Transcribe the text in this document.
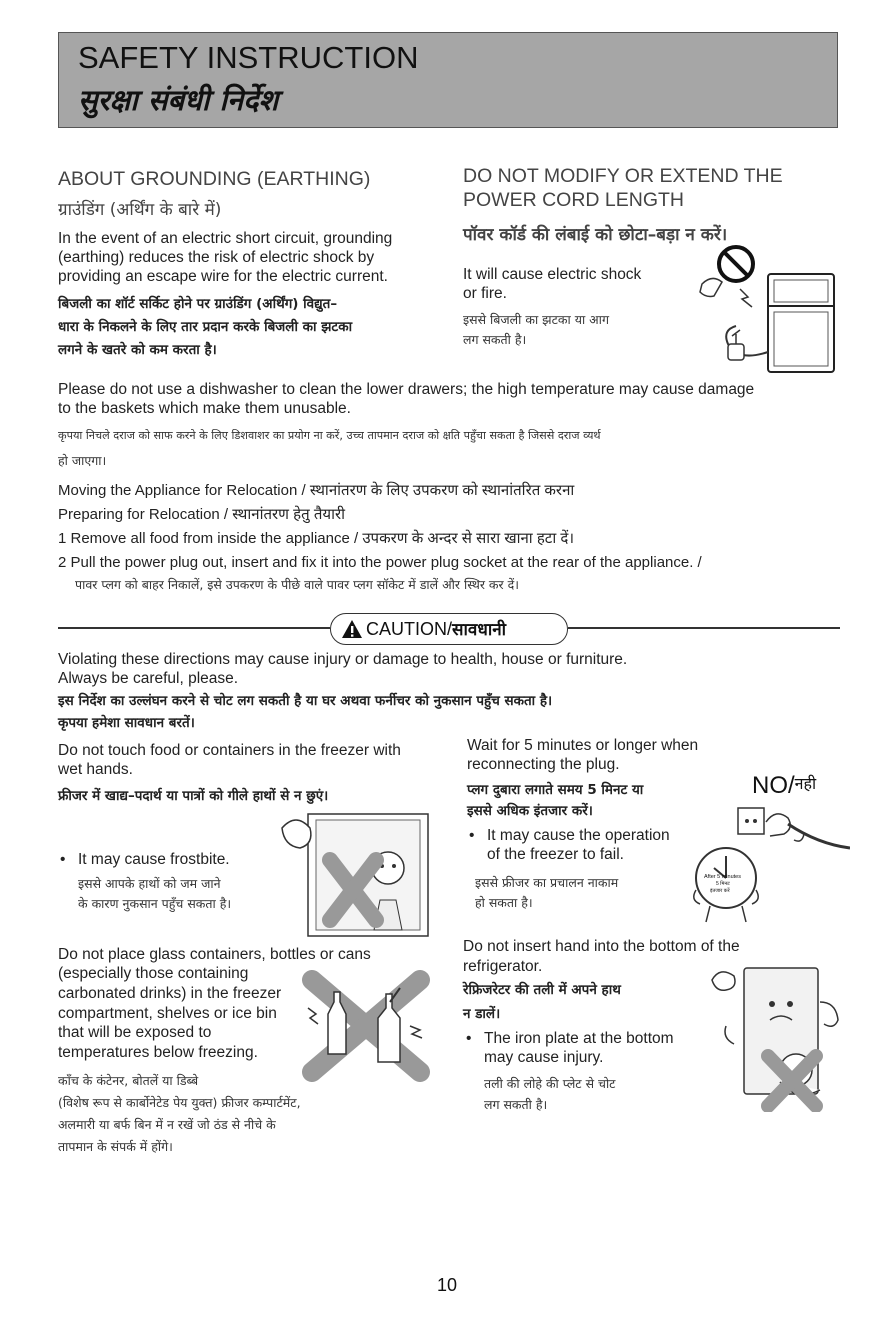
SAFETY INSTRUCTION
सुरक्षा संबंधी निर्देश
ABOUT GROUNDING (EARTHING)
ग्राउंडिंग (अर्थिंग के बारे में)
In the event of an electric short circuit, grounding
(earthing) reduces the risk of electric shock by
providing an escape wire for the electric current.
बिजली का शॉर्ट सर्किट होने पर ग्राउंडिंग (अर्थिंग) विद्युत–
धारा के निकलने के लिए तार प्रदान करके बिजली का झटका
लगने के खतरे को कम करता है।
DO NOT MODIFY OR EXTEND THE
POWER CORD LENGTH
पॉवर कॉर्ड की लंबाई को छोटा–बड़ा न करें।
It will cause electric shock
or fire.
इससे बिजली का झटका या आग
लग सकती है।
Please do not use a dishwasher to clean the lower drawers; the high temperature may cause damage
to the baskets which make them unusable.
कृपया निचले दराज को साफ करने के लिए डिशवाशर का प्रयोग ना करें, उच्च तापमान दराज को क्षति पहुँचा सकता है जिससे दराज व्यर्थ
हो जाएगा।
Moving the Appliance for Relocation / स्थानांतरण के लिए उपकरण को स्थानांतरित करना
Preparing for Relocation / स्थानांतरण हेतु तैयारी
1 Remove all food from inside the appliance / उपकरण के अन्दर से सारा खाना हटा दें।
2 Pull the power plug out, insert and fix it into the power plug socket at the rear of the appliance. /
पावर प्लग को बाहर निकालें, इसे उपकरण के पीछे वाले पावर प्लग सॉकेट में डालें और स्थिर कर दें।
CAUTION/सावधानी
Violating these directions may cause injury or damage to health, house or furniture.
Always be careful, please.
इस निर्देश का उल्लंघन करने से चोट लग सकती है या घर अथवा फर्नीचर को नुकसान पहुँच सकता है।
कृपया हमेशा सावधान बरतें।
Do not touch food or containers in the freezer with
wet hands.
फ्रीजर में खाद्य–पदार्थ या पात्रों को गीले हाथों से न छुएं।
• It may cause frostbite.
इससे आपके हाथों को जम जाने
के कारण नुकसान पहुँच सकता है।
Wait for 5 minutes or longer when
reconnecting the plug.
प्लग दुबारा लगाते समय 5 मिनट या
इससे अधिक इंतजार करें।
• It may cause the operation
of the freezer to fail.
इससे फ्रीजर का प्रचालन नाकाम
हो सकता है।
NO/$^{नही}$
After 5 minutes
5 मिनट
इंतजार करें
Do not place glass containers, bottles or cans
(especially those containing
carbonated drinks) in the freezer
compartment, shelves or ice bin
that will be exposed to
temperatures below freezing.
काँच के कंटेनर, बोतलें या डिब्बे
(विशेष रूप से कार्बोनेटेड पेय युक्त) फ्रीजर कम्पार्टमेंट,
अलमारी या बर्फ बिन में न रखें जो ठंड से नीचे के
तापमान के संपर्क में होंगे।
Do not insert hand into the bottom of the
refrigerator.
रेफ्रिजरेटर की तली में अपने हाथ
न डालें।
• The iron plate at the bottom
may cause injury.
तली की लोहे की प्लेट से चोट
लग सकती है।
10
